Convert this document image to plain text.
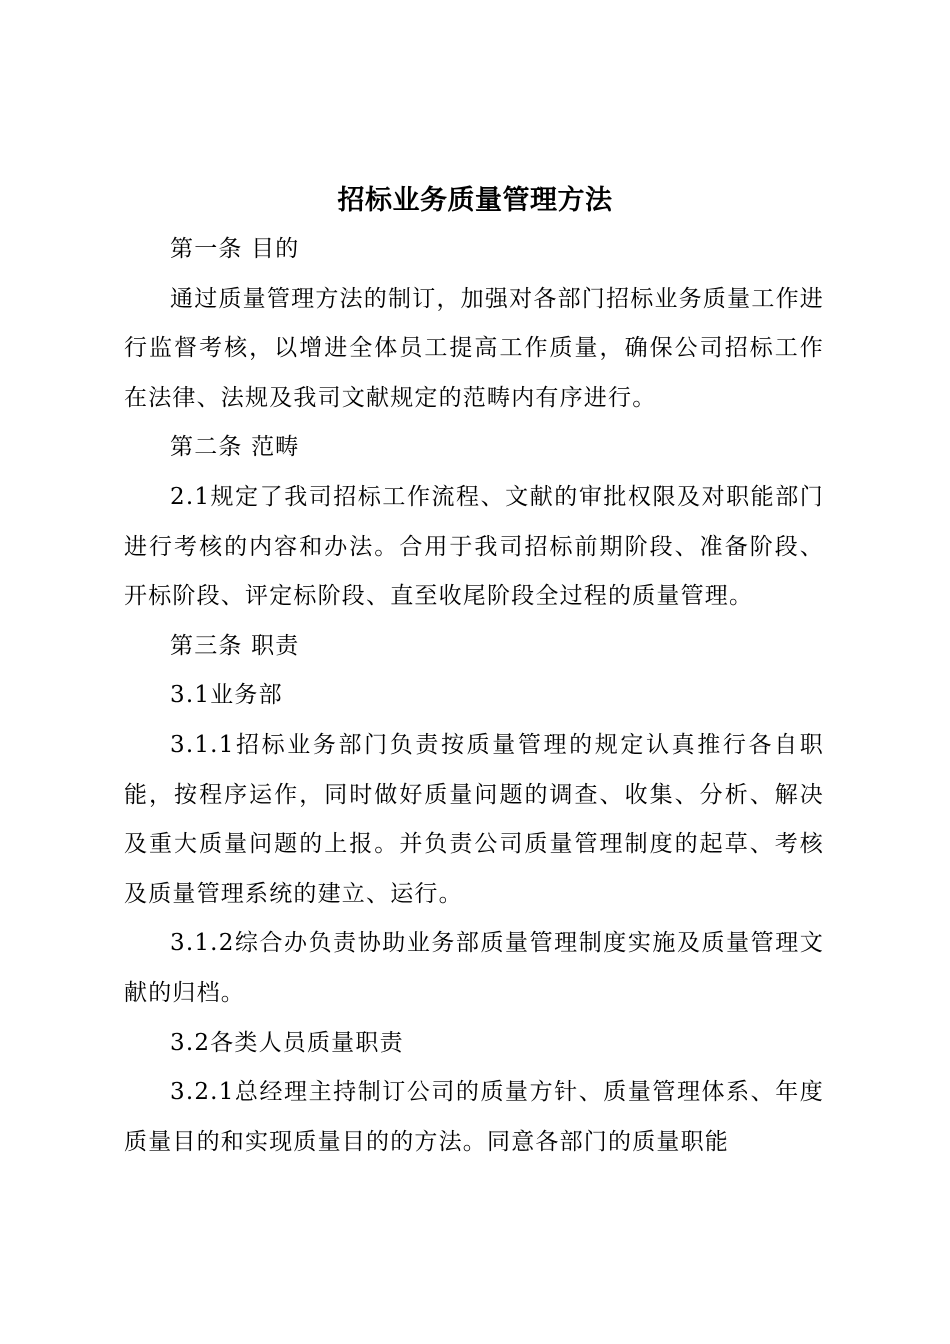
招标业务质量管理方法

第一条 目的

通过质量管理方法的制订，加强对各部门招标业务质量工作进行监督考核，以增进全体员工提高工作质量，确保公司招标工作在法律、法规及我司文献规定的范畴内有序进行。

第二条 范畴

2.1规定了我司招标工作流程、文献的审批权限及对职能部门进行考核的内容和办法。合用于我司招标前期阶段、准备阶段、开标阶段、评定标阶段、直至收尾阶段全过程的质量管理。

第三条 职责

3.1业务部

3.1.1招标业务部门负责按质量管理的规定认真推行各自职能，按程序运作，同时做好质量问题的调查、收集、分析、解决及重大质量问题的上报。并负责公司质量管理制度的起草、考核及质量管理系统的建立、运行。

3.1.2综合办负责协助业务部质量管理制度实施及质量管理文献的归档。

3.2各类人员质量职责

3.2.1总经理主持制订公司的质量方针、质量管理体系、年度质量目的和实现质量目的的方法。同意各部门的质量职能
